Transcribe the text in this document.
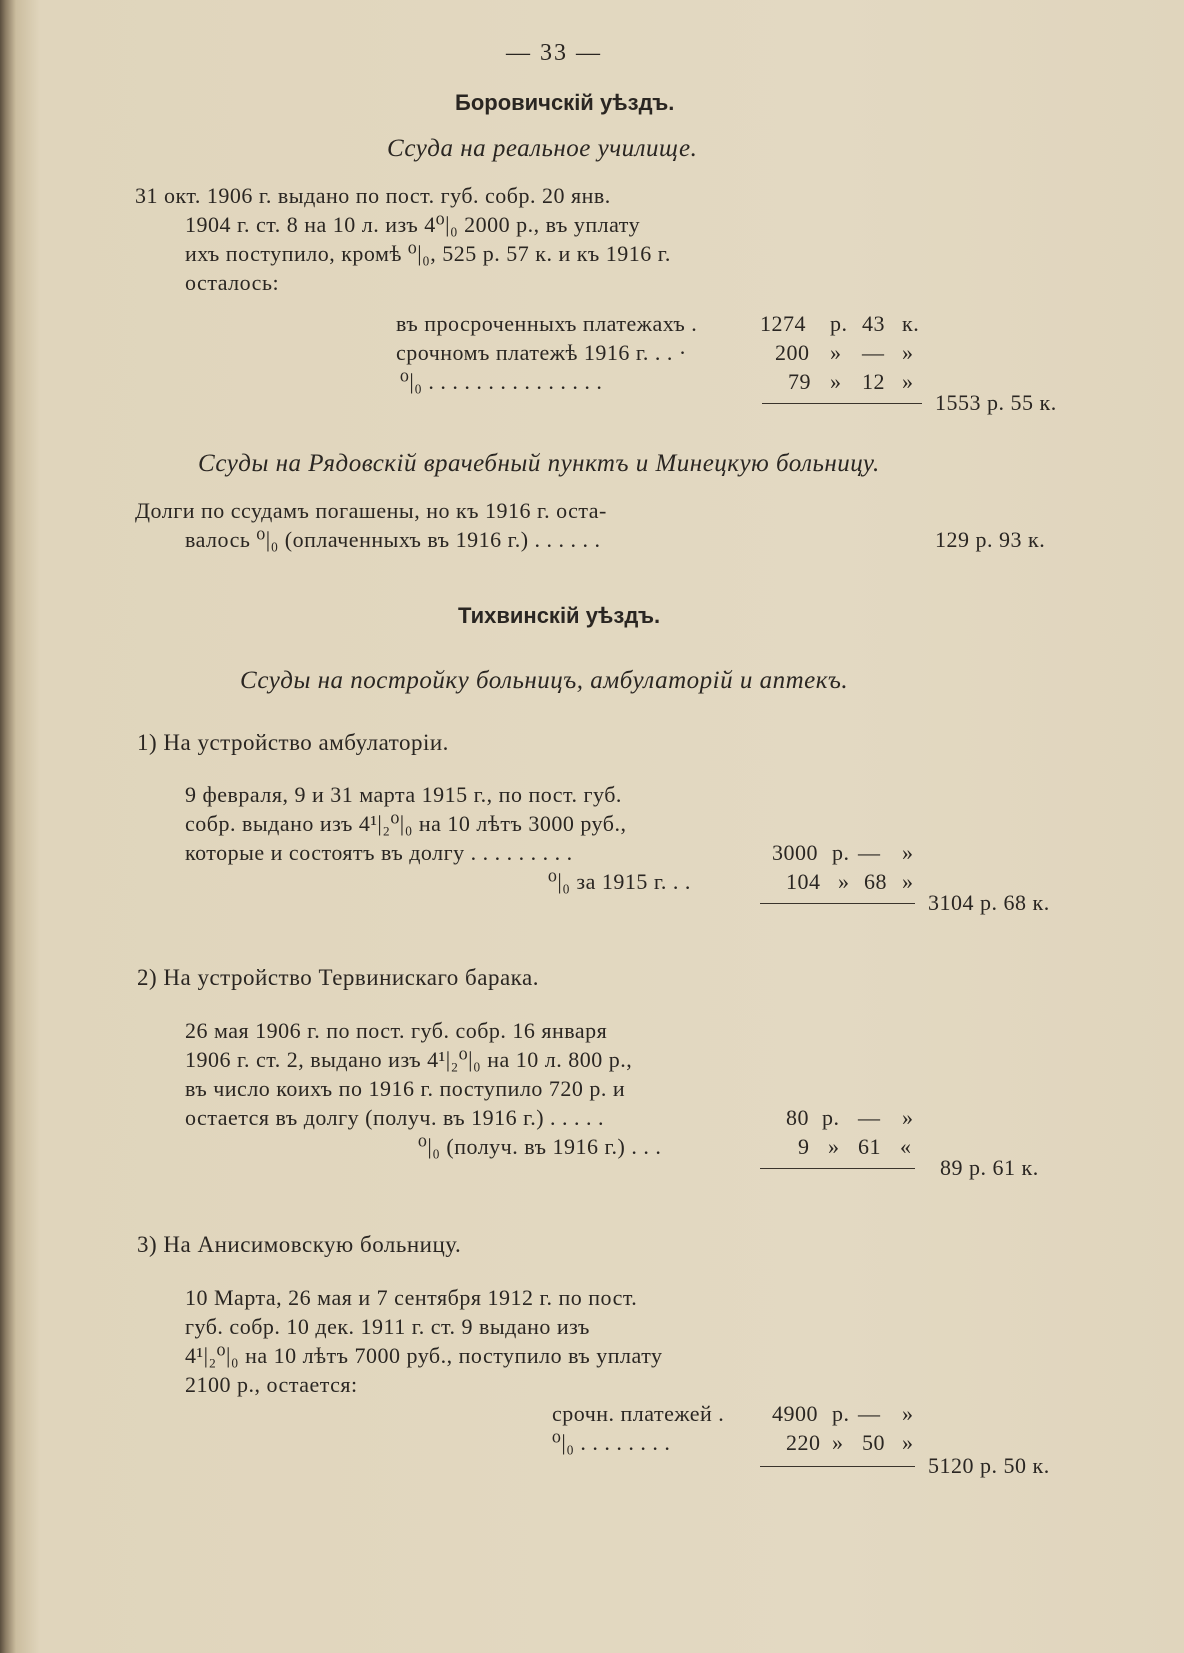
— 33 —
Боровичскій уѣздъ.
Ссуда на реальное училище.
31 окт. 1906 г. выдано по пост. губ. собр. 20 янв.
1904 г. ст. 8 на 10 л. изъ 4⁰|₀ 2000 р., въ уплату
ихъ поступило, кромѣ ⁰|₀, 525 р. 57 к. и къ 1916 г.
осталось:
въ просроченныхъ платежахъ .	1274 р. 43 к.
срочномъ платежѣ 1916 г. . . ·	200 » — »
⁰|₀ . . . . . . . . . . . . . . .	79 » 12 »
1553 р. 55 к.
Ссуды на Рядовскій врачебный пунктъ и Минецкую больницу.
Долги по ссудамъ погашены, но къ 1916 г. оста-
валось ⁰|₀ (оплаченныхъ въ 1916 г.) . . . . . .	129 р. 93 к.
Тихвинскій уѣздъ.
Ссуды на постройку больницъ, амбулаторій и аптекъ.
1) На устройство амбулаторіи.
9 февраля, 9 и 31 марта 1915 г., по пост. губ.
собр. выдано изъ 4¹|₂⁰|₀ на 10 лѣтъ 3000 руб.,
которые и состоятъ въ долгу . . . . . . . . .	3000 р. — »
⁰|₀ за 1915 г. . .	104 » 68 »
3104 р. 68 к.
2) На устройство Тервинискаго барака.
26 мая 1906 г. по пост. губ. собр. 16 января
1906 г. ст. 2, выдано изъ 4¹|₂⁰|₀ на 10 л. 800 р.,
въ число коихъ по 1916 г. поступило 720 р. и
остается въ долгу (получ. въ 1916 г.) . . . . .	80 р. — »
⁰|₀ (получ. въ 1916 г.) . . .	9 » 61 «
89 р. 61 к.
3) На Анисимовскую больницу.
10 Марта, 26 мая и 7 сентября 1912 г. по пост.
губ. собр. 10 дек. 1911 г. ст. 9 выдано изъ
4¹|₂⁰|₀ на 10 лѣтъ 7000 руб., поступило въ уплату
2100 р., остается:
срочн. платежей . 4900 р. — »
⁰|₀ . . . . . . . .	220 » 50 »
5120 р. 50 к.
